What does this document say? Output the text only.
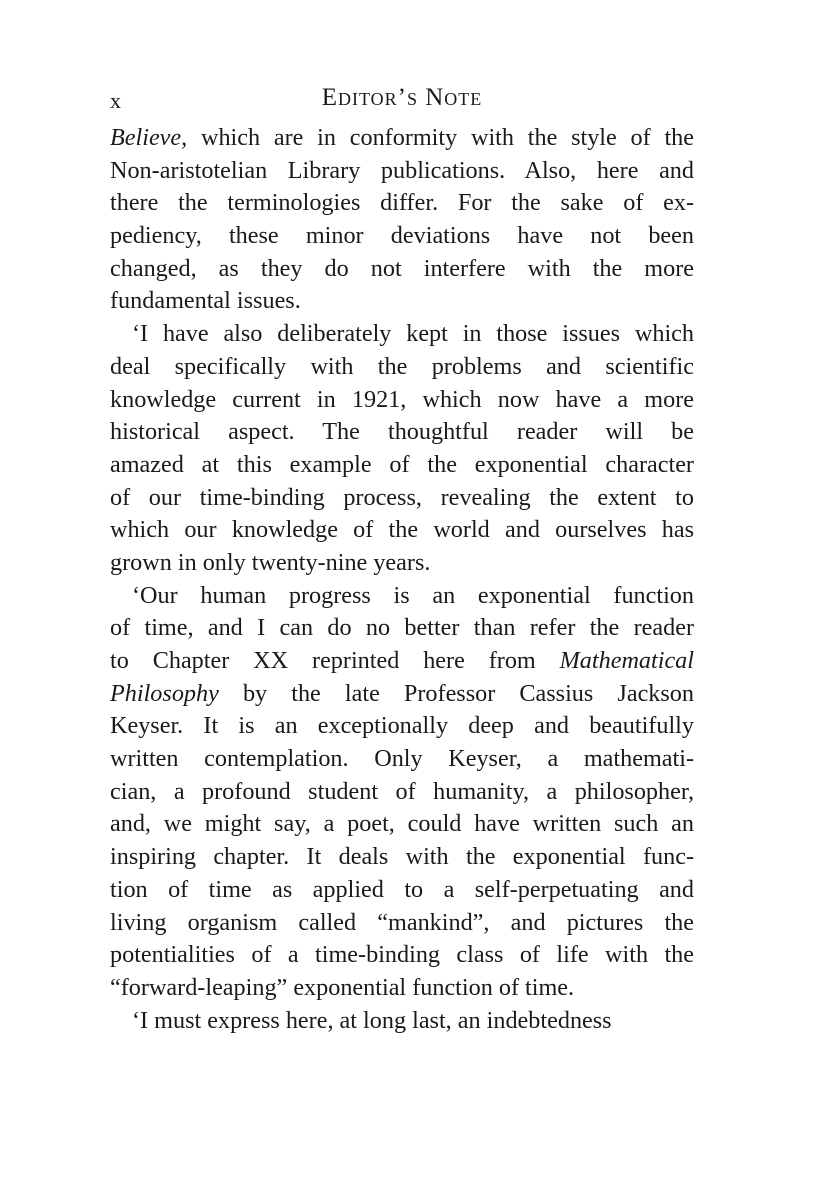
x	Editor’s Note

Believe, which are in conformity with the style of the
Non-aristotelian Library publications. Also, here and
there the terminologies differ. For the sake of ex-
pediency, these minor deviations have not been
changed, as they do not interfere with the more
fundamental issues.

‘I have also deliberately kept in those issues which
deal specifically with the problems and scientific
knowledge current in 1921, which now have a more
historical aspect. The thoughtful reader will be
amazed at this example of the exponential character
of our time-binding process, revealing the extent to
which our knowledge of the world and ourselves has
grown in only twenty-nine years.

‘Our human progress is an exponential function
of time, and I can do no better than refer the reader
to Chapter XX reprinted here from Mathematical
Philosophy by the late Professor Cassius Jackson
Keyser. It is an exceptionally deep and beautifully
written contemplation. Only Keyser, a mathemati-
cian, a profound student of humanity, a philosopher,
and, we might say, a poet, could have written such an
inspiring chapter. It deals with the exponential func-
tion of time as applied to a self-perpetuating and
living organism called “mankind”, and pictures the
potentialities of a time-binding class of life with the
“forward-leaping” exponential function of time.

‘I must express here, at long last, an indebtedness
